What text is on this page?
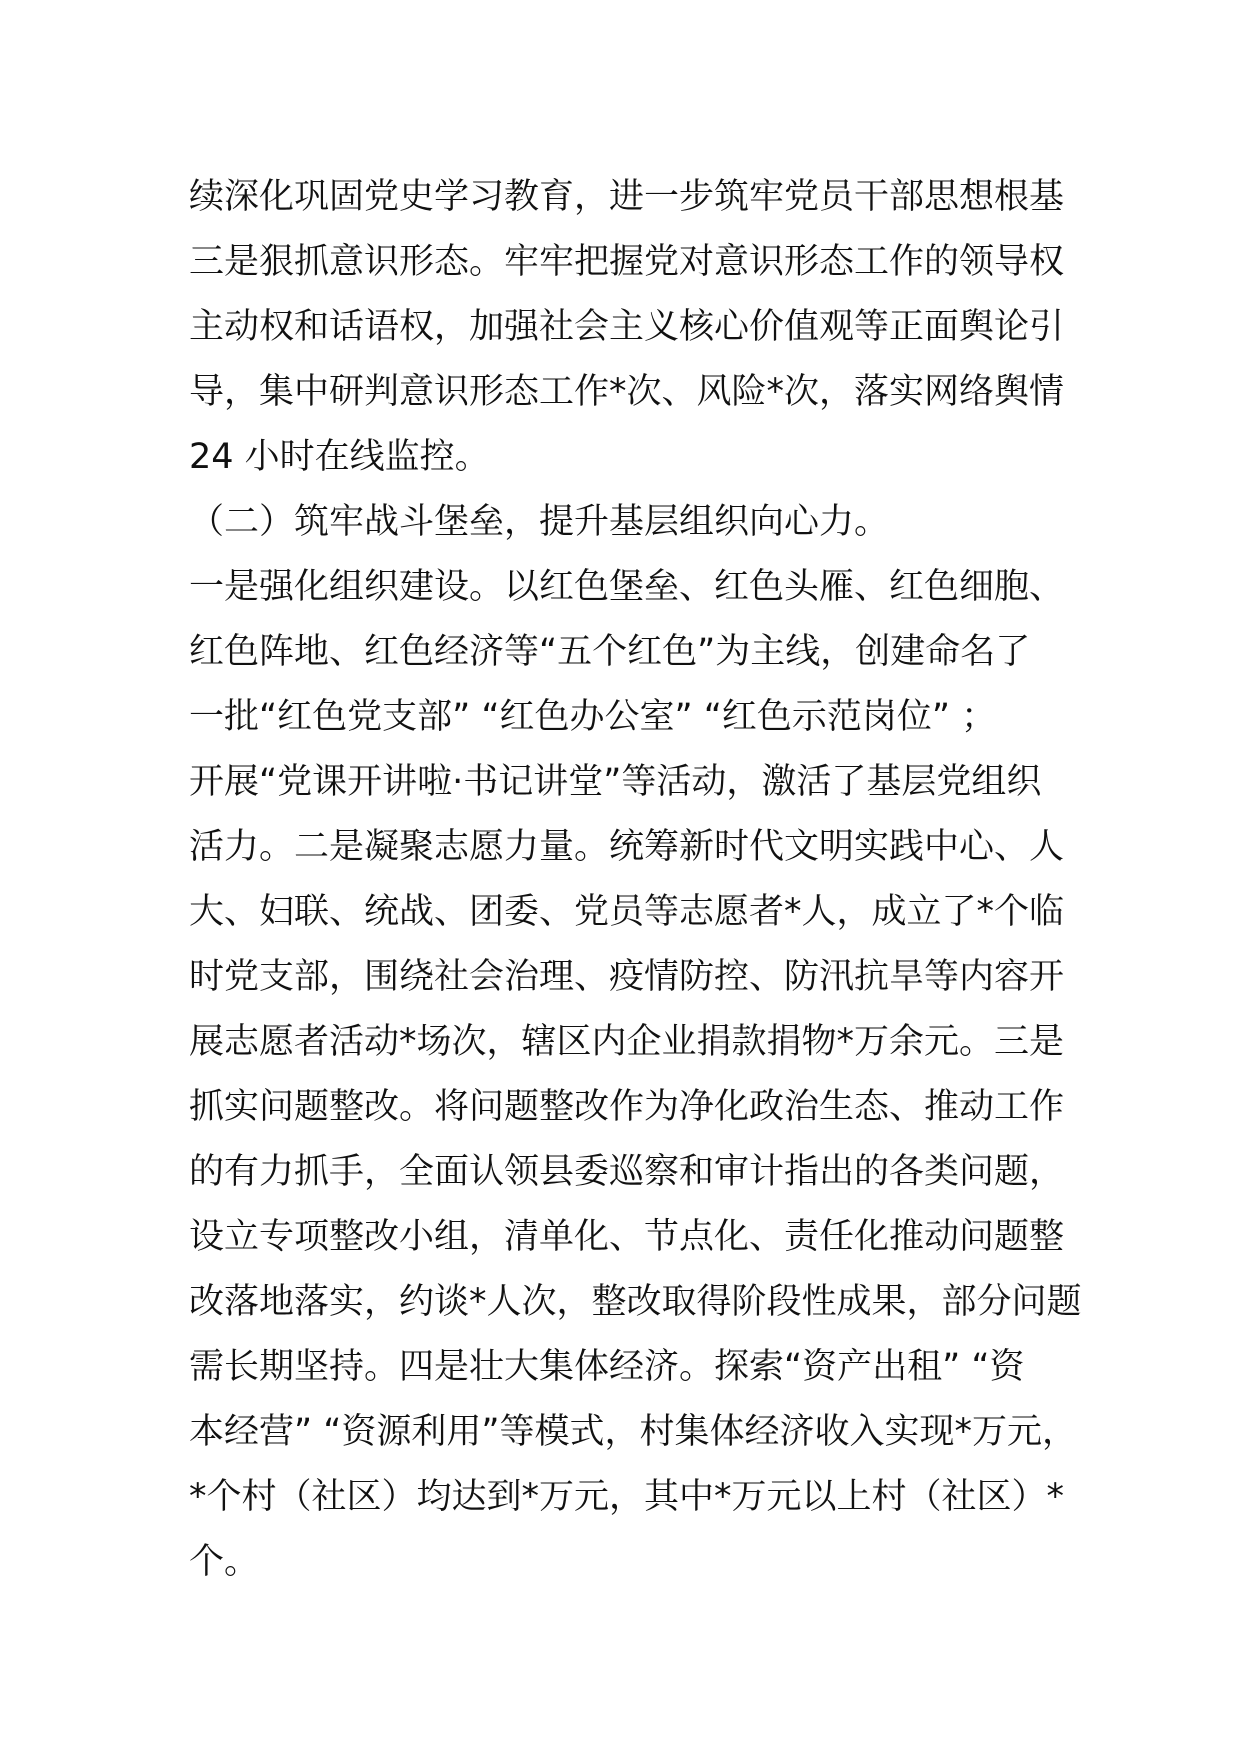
续深化巩固党史学习教育，进一步筑牢党员干部思想根基
三是狠抓意识形态。牢牢把握党对意识形态工作的领导权
主动权和话语权，加强社会主义核心价值观等正面舆论引
导，集中研判意识形态工作*次、风险*次，落实网络舆情
24 小时在线监控。
（二）筑牢战斗堡垒，提升基层组织向心力。
一是强化组织建设。以红色堡垒、红色头雁、红色细胞、
红色阵地、红色经济等“五个红色”为主线，创建命名了
一批“红色党支部” “红色办公室” “红色示范岗位” ；
开展“党课开讲啦·书记讲堂”等活动，激活了基层党组织
活力。二是凝聚志愿力量。统筹新时代文明实践中心、人
大、妇联、统战、团委、党员等志愿者*人，成立了*个临
时党支部，围绕社会治理、疫情防控、防汛抗旱等内容开
展志愿者活动*场次，辖区内企业捐款捐物*万余元。三是
抓实问题整改。将问题整改作为净化政治生态、推动工作
的有力抓手，全面认领县委巡察和审计指出的各类问题，
设立专项整改小组，清单化、节点化、责任化推动问题整
改落地落实，约谈*人次，整改取得阶段性成果，部分问题
需长期坚持。四是壮大集体经济。探索“资产出租” “资
本经营” “资源利用”等模式，村集体经济收入实现*万元，
*个村（社区）均达到*万元，其中*万元以上村（社区）*
个。
